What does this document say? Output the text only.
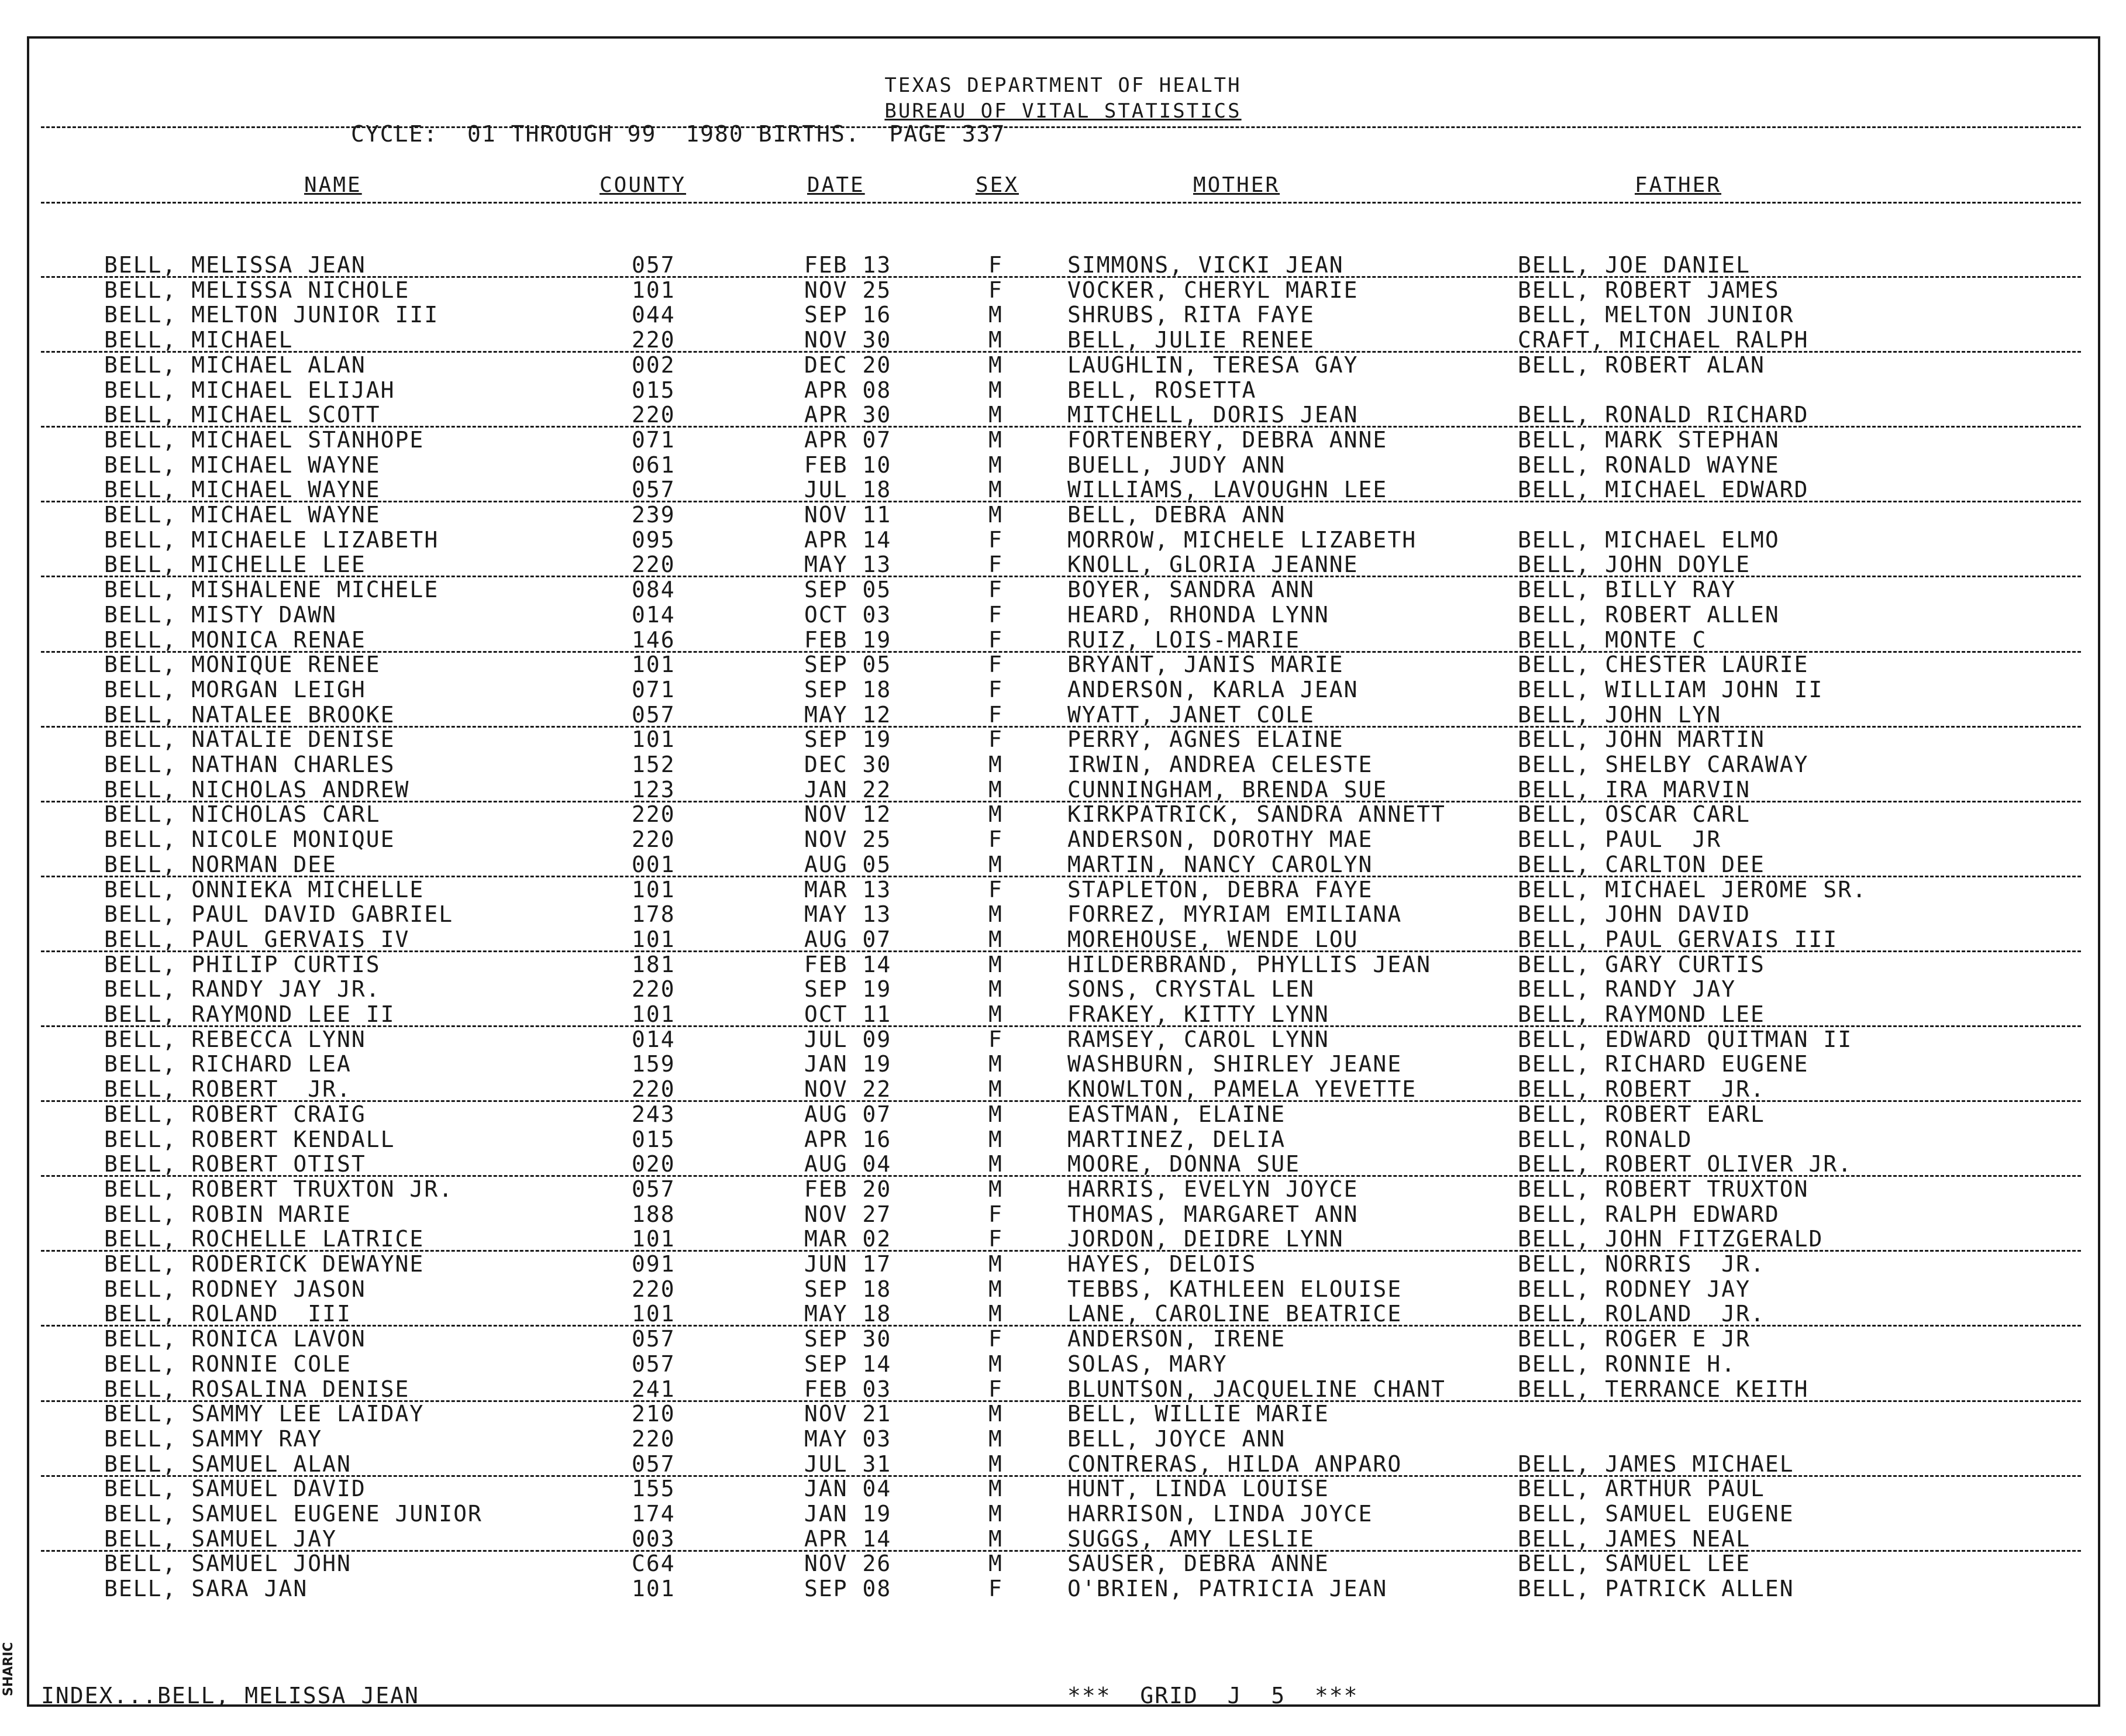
TEXAS DEPARTMENT OF HEALTH
BUREAU OF VITAL STATISTICS
CYCLE:  01 THROUGH 99  1980 BIRTHS.  PAGE 337
NAME	COUNTY	DATE	SEX	MOTHER	FATHER
BELL, MELISSA JEAN	057	FEB 13	F	SIMMONS, VICKI JEAN	BELL, JOE DANIEL
BELL, MELISSA NICHOLE	101	NOV 25	F	VOCKER, CHERYL MARIE	BELL, ROBERT JAMES
BELL, MELTON JUNIOR III	044	SEP 16	M	SHRUBS, RITA FAYE	BELL, MELTON JUNIOR
BELL, MICHAEL	220	NOV 30	M	BELL, JULIE RENEE	CRAFT, MICHAEL RALPH
BELL, MICHAEL ALAN	002	DEC 20	M	LAUGHLIN, TERESA GAY	BELL, ROBERT ALAN
BELL, MICHAEL ELIJAH	015	APR 08	M	BELL, ROSETTA
BELL, MICHAEL SCOTT	220	APR 30	M	MITCHELL, DORIS JEAN	BELL, RONALD RICHARD
BELL, MICHAEL STANHOPE	071	APR 07	M	FORTENBERY, DEBRA ANNE	BELL, MARK STEPHAN
BELL, MICHAEL WAYNE	061	FEB 10	M	BUELL, JUDY ANN	BELL, RONALD WAYNE
BELL, MICHAEL WAYNE	057	JUL 18	M	WILLIAMS, LAVOUGHN LEE	BELL, MICHAEL EDWARD
BELL, MICHAEL WAYNE	239	NOV 11	M	BELL, DEBRA ANN
BELL, MICHAELE LIZABETH	095	APR 14	F	MORROW, MICHELE LIZABETH	BELL, MICHAEL ELMO
BELL, MICHELLE LEE	220	MAY 13	F	KNOLL, GLORIA JEANNE	BELL, JOHN DOYLE
BELL, MISHALENE MICHELE	084	SEP 05	F	BOYER, SANDRA ANN	BELL, BILLY RAY
BELL, MISTY DAWN	014	OCT 03	F	HEARD, RHONDA LYNN	BELL, ROBERT ALLEN
BELL, MONICA RENAE	146	FEB 19	F	RUIZ, LOIS-MARIE	BELL, MONTE C
BELL, MONIQUE RENEE	101	SEP 05	F	BRYANT, JANIS MARIE	BELL, CHESTER LAURIE
BELL, MORGAN LEIGH	071	SEP 18	F	ANDERSON, KARLA JEAN	BELL, WILLIAM JOHN II
BELL, NATALEE BROOKE	057	MAY 12	F	WYATT, JANET COLE	BELL, JOHN LYN
BELL, NATALIE DENISE	101	SEP 19	F	PERRY, AGNES ELAINE	BELL, JOHN MARTIN
BELL, NATHAN CHARLES	152	DEC 30	M	IRWIN, ANDREA CELESTE	BELL, SHELBY CARAWAY
BELL, NICHOLAS ANDREW	123	JAN 22	M	CUNNINGHAM, BRENDA SUE	BELL, IRA MARVIN
BELL, NICHOLAS CARL	220	NOV 12	M	KIRKPATRICK, SANDRA ANNETT	BELL, OSCAR CARL
BELL, NICOLE MONIQUE	220	NOV 25	F	ANDERSON, DOROTHY MAE	BELL, PAUL  JR
BELL, NORMAN DEE	001	AUG 05	M	MARTIN, NANCY CAROLYN	BELL, CARLTON DEE
BELL, ONNIEKA MICHELLE	101	MAR 13	F	STAPLETON, DEBRA FAYE	BELL, MICHAEL JEROME SR.
BELL, PAUL DAVID GABRIEL	178	MAY 13	M	FORREZ, MYRIAM EMILIANA	BELL, JOHN DAVID
BELL, PAUL GERVAIS IV	101	AUG 07	M	MOREHOUSE, WENDE LOU	BELL, PAUL GERVAIS III
BELL, PHILIP CURTIS	181	FEB 14	M	HILDERBRAND, PHYLLIS JEAN	BELL, GARY CURTIS
BELL, RANDY JAY JR.	220	SEP 19	M	SONS, CRYSTAL LEN	BELL, RANDY JAY
BELL, RAYMOND LEE II	101	OCT 11	M	FRAKEY, KITTY LYNN	BELL, RAYMOND LEE
BELL, REBECCA LYNN	014	JUL 09	F	RAMSEY, CAROL LYNN	BELL, EDWARD QUITMAN II
BELL, RICHARD LEA	159	JAN 19	M	WASHBURN, SHIRLEY JEANE	BELL, RICHARD EUGENE
BELL, ROBERT  JR.	220	NOV 22	M	KNOWLTON, PAMELA YEVETTE	BELL, ROBERT  JR.
BELL, ROBERT CRAIG	243	AUG 07	M	EASTMAN, ELAINE	BELL, ROBERT EARL
BELL, ROBERT KENDALL	015	APR 16	M	MARTINEZ, DELIA	BELL, RONALD
BELL, ROBERT OTIST	020	AUG 04	M	MOORE, DONNA SUE	BELL, ROBERT OLIVER JR.
BELL, ROBERT TRUXTON JR.	057	FEB 20	M	HARRIS, EVELYN JOYCE	BELL, ROBERT TRUXTON
BELL, ROBIN MARIE	188	NOV 27	F	THOMAS, MARGARET ANN	BELL, RALPH EDWARD
BELL, ROCHELLE LATRICE	101	MAR 02	F	JORDON, DEIDRE LYNN	BELL, JOHN FITZGERALD
BELL, RODERICK DEWAYNE	091	JUN 17	M	HAYES, DELOIS	BELL, NORRIS  JR.
BELL, RODNEY JASON	220	SEP 18	M	TEBBS, KATHLEEN ELOUISE	BELL, RODNEY JAY
BELL, ROLAND  III	101	MAY 18	M	LANE, CAROLINE BEATRICE	BELL, ROLAND  JR.
BELL, RONICA LAVON	057	SEP 30	F	ANDERSON, IRENE	BELL, ROGER E JR
BELL, RONNIE COLE	057	SEP 14	M	SOLAS, MARY	BELL, RONNIE H.
BELL, ROSALINA DENISE	241	FEB 03	F	BLUNTSON, JACQUELINE CHANT	BELL, TERRANCE KEITH
BELL, SAMMY LEE LAIDAY	210	NOV 21	M	BELL, WILLIE MARIE
BELL, SAMMY RAY	220	MAY 03	M	BELL, JOYCE ANN
BELL, SAMUEL ALAN	057	JUL 31	M	CONTRERAS, HILDA ANPARO	BELL, JAMES MICHAEL
BELL, SAMUEL DAVID	155	JAN 04	M	HUNT, LINDA LOUISE	BELL, ARTHUR PAUL
BELL, SAMUEL EUGENE JUNIOR	174	JAN 19	M	HARRISON, LINDA JOYCE	BELL, SAMUEL EUGENE
BELL, SAMUEL JAY	003	APR 14	M	SUGGS, AMY LESLIE	BELL, JAMES NEAL
BELL, SAMUEL JOHN	C64	NOV 26	M	SAUSER, DEBRA ANNE	BELL, SAMUEL LEE
BELL, SARA JAN	101	SEP 08	F	O'BRIEN, PATRICIA JEAN	BELL, PATRICK ALLEN
INDEX...BELL, MELISSA JEAN	***  GRID  J  5  ***
SHARIC
